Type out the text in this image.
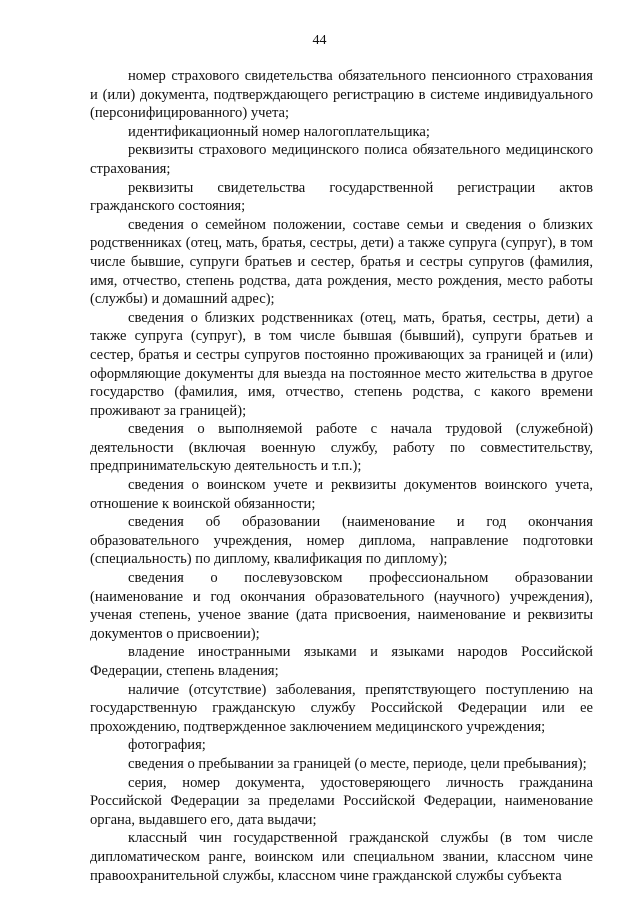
44

номер страхового свидетельства обязательного пенсионного страхования и (или) документа, подтверждающего регистрацию в системе индивидуального (персонифицированного) учета;

идентификационный номер налогоплательщика;

реквизиты страхового медицинского полиса обязательного медицинского страхования;

реквизиты свидетельства государственной регистрации актов гражданского состояния;

сведения о семейном положении, составе семьи и сведения о близких родственниках (отец, мать, братья, сестры, дети) а также супруга (супруг), в том числе бывшие, супруги братьев и сестер, братья и сестры супругов (фамилия, имя, отчество, степень родства, дата рождения, место рождения, место работы (службы) и домашний адрес);

сведения о близких родственниках (отец, мать, братья, сестры, дети) а также супруга (супруг), в том числе бывшая (бывший), супруги братьев и сестер, братья и сестры супругов постоянно проживающих за границей и (или) оформляющие документы для выезда на постоянное место жительства в другое государство (фамилия, имя, отчество, степень родства, с какого времени проживают за границей);

сведения о выполняемой работе с начала трудовой (служебной) деятельности (включая военную службу, работу по совместительству, предпринимательскую деятельность и т.п.);

сведения о воинском учете и реквизиты документов воинского учета, отношение к воинской обязанности;

сведения об образовании (наименование и год окончания образовательного учреждения, номер диплома, направление подготовки (специальность) по диплому, квалификация по диплому);

сведения о послевузовском профессиональном образовании (наименование и год окончания образовательного (научного) учреждения), ученая степень, ученое звание (дата присвоения, наименование и реквизиты документов о присвоении);

владение иностранными языками и языками народов Российской Федерации, степень владения;

наличие (отсутствие) заболевания, препятствующего поступлению на государственную гражданскую службу Российской Федерации или ее прохождению, подтвержденное заключением медицинского учреждения;

фотография;

сведения о пребывании за границей (о месте, периоде, цели пребывания);

серия, номер документа, удостоверяющего личность гражданина Российской Федерации за пределами Российской Федерации, наименование органа, выдавшего его, дата выдачи;

классный чин государственной гражданской службы (в том числе дипломатическом ранге, воинском или специальном звании, классном чине правоохранительной службы, классном чине гражданской службы субъекта
